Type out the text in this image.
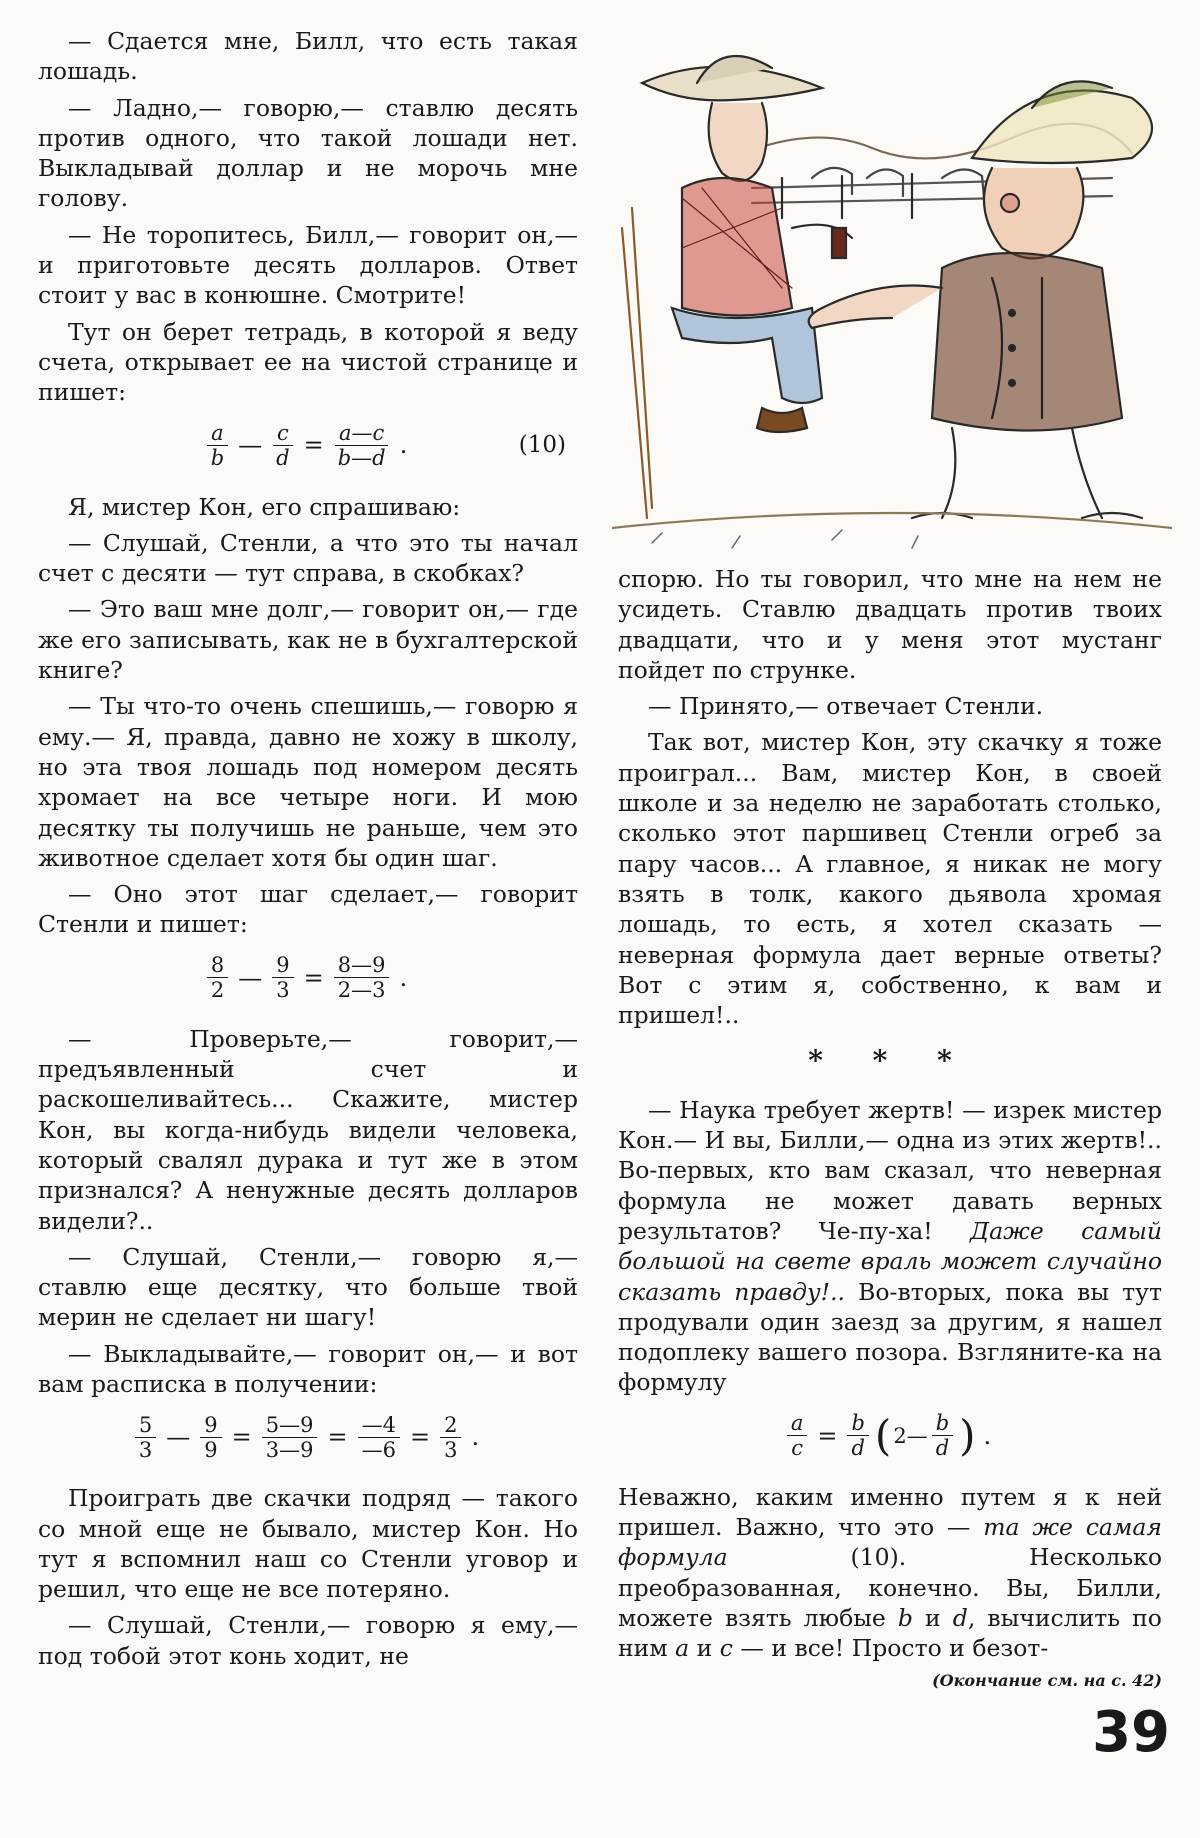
— Сдается мне, Билл, что есть такая лошадь.

— Ладно,— говорю,— ставлю десять против одного, что такой лошади нет. Выкладывай доллар и не морочь мне голову.

— Не торопитесь, Билл,— говорит он,— и приготовьте десять долларов. Ответ стоит у вас в конюшне. Смотрите!

Тут он берет тетрадь, в которой я веду счета, открывает ее на чистой странице и пишет:

$\frac{a}{b}$ — $\frac{c}{d} = \frac{a—c}{b—d}$ .	(10)

Я, мистер Кон, его спрашиваю:

— Слушай, Стенли, а что это ты начал счет с десяти — тут справа, в скобках?

— Это ваш мне долг,— говорит он,— где же его записывать, как не в бухгалтерской книге?

— Ты что-то очень спешишь,— говорю я ему.— Я, правда, давно не хожу в школу, но эта твоя лошадь под номером десять хромает на все четыре ноги. И мою десятку ты получишь не раньше, чем это животное сделает хотя бы один шаг.

— Оно этот шаг сделает,— говорит Стенли и пишет:

$\frac{8}{2}$ — $\frac{9}{3} = \frac{8—9}{2—3}$ .

— Проверьте,— говорит,— предъявленный счет и раскошеливайтесь... Скажите, мистер Кон, вы когда-нибудь видели человека, который свалял дурака и тут же в этом признался? А ненужные десять долларов видели?..

— Слушай, Стенли,— говорю я,— ставлю еще десятку, что больше твой мерин не сделает ни шагу!

— Выкладывайте,— говорит он,— и вот вам расписка в получении:

$\frac{5}{3}$ — $\frac{9}{9} = \frac{5—9}{3—9} = \frac{—4}{—6} = \frac{2}{3}$ .

Проиграть две скачки подряд — такого со мной еще не бывало, мистер Кон. Но тут я вспомнил наш со Стенли уговор и решил, что еще не все потеряно.

— Слушай, Стенли,— говорю я ему,— под тобой этот конь ходит, не

спорю. Но ты говорил, что мне на нем не усидеть. Ставлю двадцать против твоих двадцати, что и у меня этот мустанг пойдет по струнке.

— Принято,— отвечает Стенли.

Так вот, мистер Кон, эту скачку я тоже проиграл... Вам, мистер Кон, в своей школе и за неделю не заработать столько, сколько этот паршивец Стенли огреб за пару часов... А главное, я никак не могу взять в толк, какого дьявола хромая лошадь, то есть, я хотел сказать — неверная формула дает верные ответы? Вот с этим я, собственно, к вам и пришел!..

* * *

— Наука требует жертв! — изрек мистер Кон.— И вы, Билли,— одна из этих жертв!.. Во-первых, кто вам сказал, что неверная формула не может давать верных результатов? Че-пу-ха! Даже самый большой на свете враль может случайно сказать правду!.. Во-вторых, пока вы тут продували один заезд за другим, я нашел подоплеку вашего позора. Взгляните-ка на формулу

$\frac{a}{c} = \frac{b}{d}$ ( 2— $\frac{b}{d}$ ) .

Неважно, каким именно путем я к ней пришел. Важно, что это — та же самая формула	(10). Несколько преобразованная, конечно. Вы, Билли, можете взять любые b и d, вычислить по ним a и c — и все! Просто и безот-

(Окончание см. на с. 42)
39
